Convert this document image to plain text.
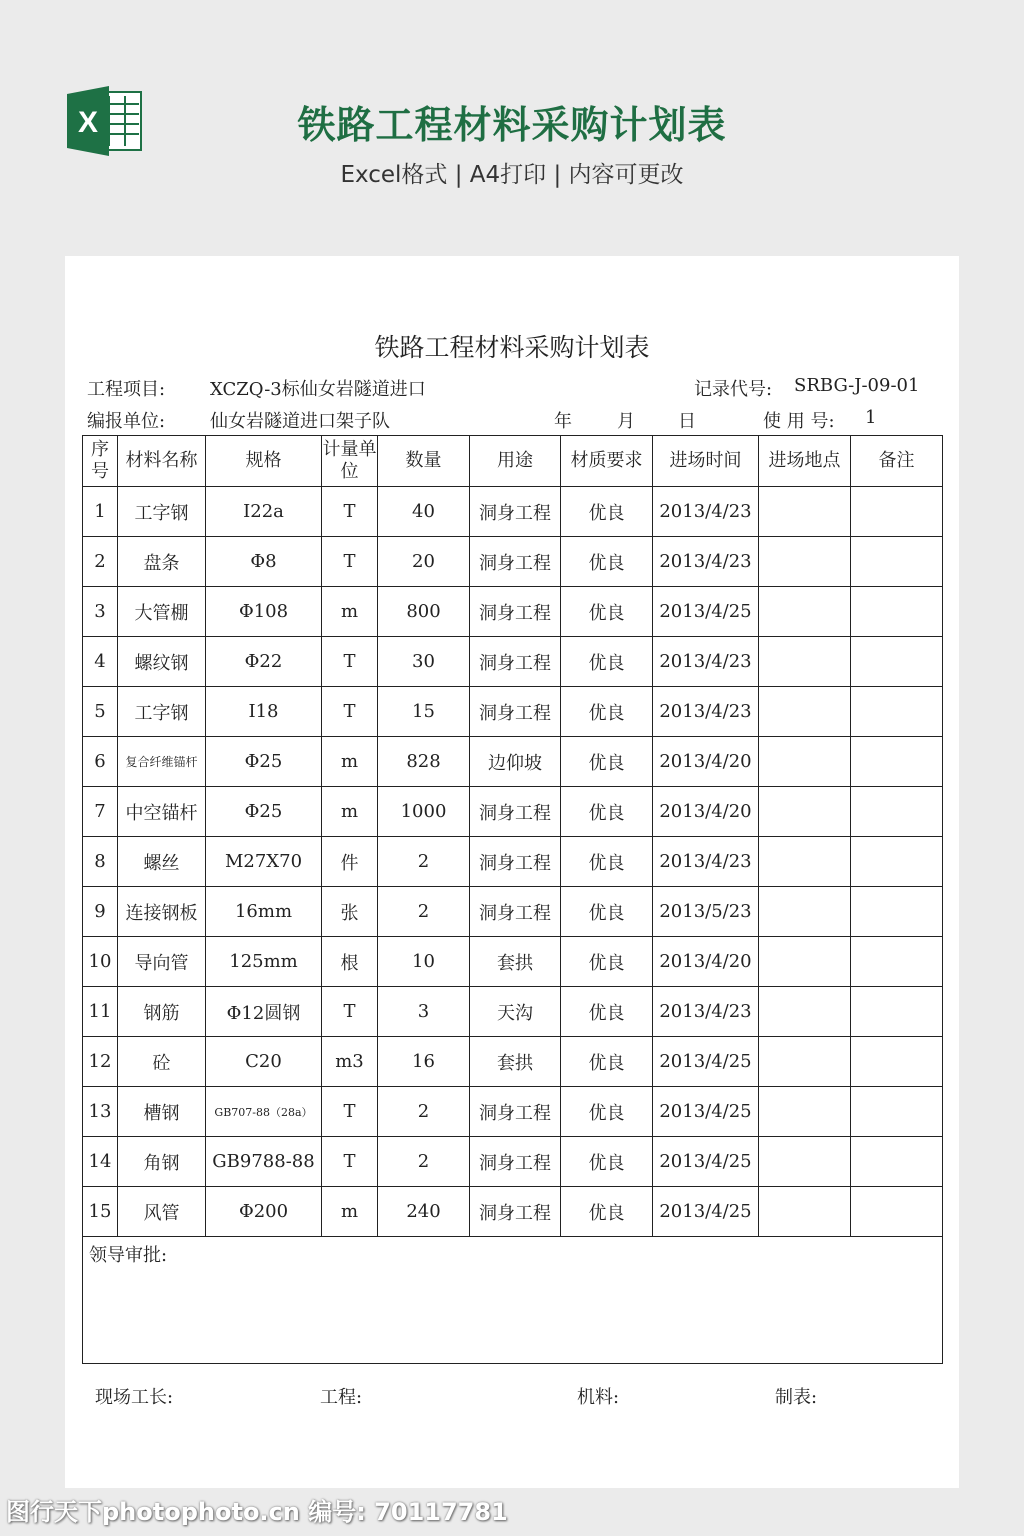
X	铁路工程材料采购计划表
Excel格式 | A4打印 | 内容可更改
铁路工程材料采购计划表
工程项目: XCZQ-3标仙女岩隧道进口	记录代号: SRBG-J-09-01
编报单位: 仙女岩隧道进口架子队	年	月 日	使 用 号: 1
序号	材料名称	规格	计量单位	数量	用途	材质要求	进场时间	进场地点	备注
1	工字钢	I22a	T	40	洞身工程	优良	2013/4/23		
2	盘条	Φ8	T	20	洞身工程	优良	2013/4/23		
3	大管棚	Φ108	m	800	洞身工程	优良	2013/4/25		
4	螺纹钢	Φ22	T	30	洞身工程	优良	2013/4/23		
5	工字钢	I18	T	15	洞身工程	优良	2013/4/23		
6	复合纤维锚杆	Φ25	m	828	边仰坡	优良	2013/4/20		
7	中空锚杆	Φ25	m	1000	洞身工程	优良	2013/4/20		
8	螺丝	M27X70	件	2	洞身工程	优良	2013/4/23		
9	连接钢板	16mm	张	2	洞身工程	优良	2013/5/23		
10	导向管	125mm	根	10	套拱	优良	2013/4/20		
11	钢筋	Φ12圆钢	T	3	天沟	优良	2013/4/23		
12	砼	C20	m3	16	套拱	优良	2013/4/25		
13	槽钢	GB707-88（28a）	T	2	洞身工程	优良	2013/4/25		
14	角钢	GB9788-88	T	2	洞身工程	优良	2013/4/25		
15	风管	Φ200	m	240	洞身工程	优良	2013/4/25		
领导审批:									
现场工长:	工程:	机料:	制表:
图行天下photophoto.cn 编号: 70117781
